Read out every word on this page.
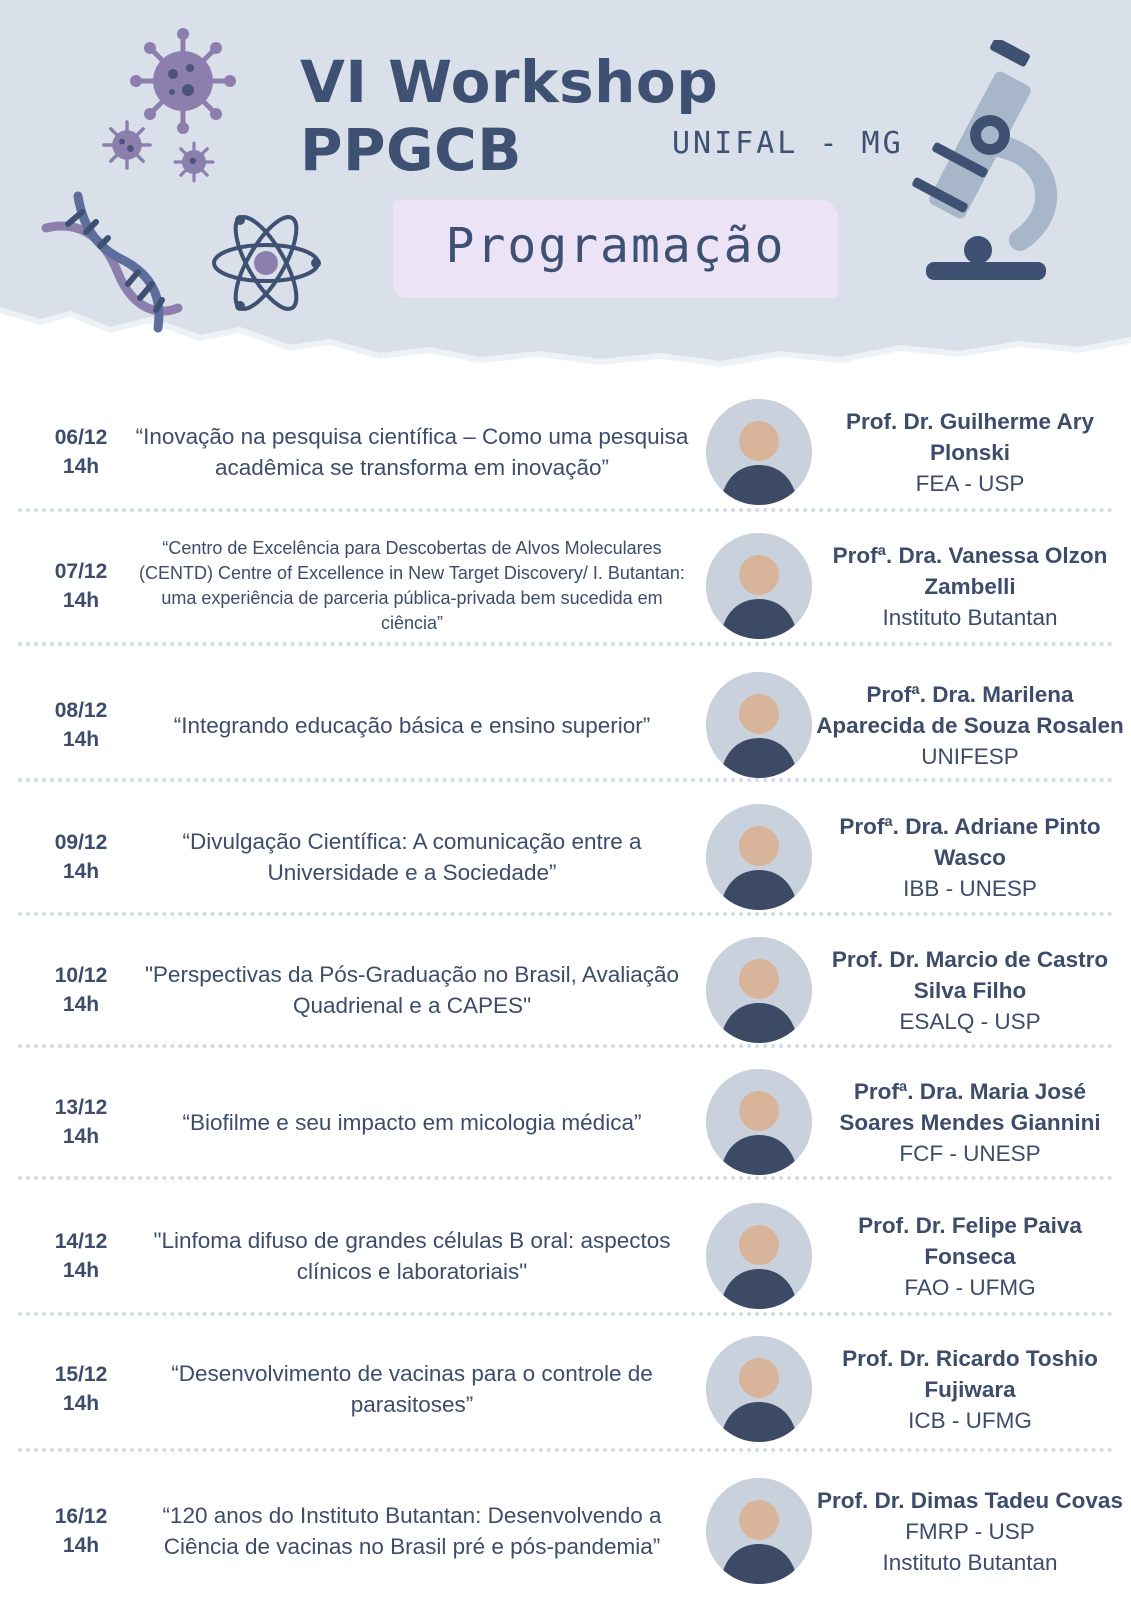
VI Workshop PPGCB	UNIFAL - MG
Programação
06/12
14h
“Inovação na pesquisa científica – Como uma pesquisa acadêmica se transforma em inovação”
Prof. Dr. Guilherme Ary Plonski
FEA - USP
07/12
14h
“Centro de Excelência para Descobertas de Alvos Moleculares (CENTD) Centre of Excellence in New Target Discovery/ I. Butantan: uma experiência de parceria pública-privada bem sucedida em ciência”
Profª. Dra. Vanessa Olzon Zambelli
Instituto Butantan
08/12
14h
“Integrando educação básica e ensino superior”
Profª. Dra. Marilena Aparecida de Souza Rosalen
UNIFESP
09/12
14h
“Divulgação Científica: A comunicação entre a Universidade e a Sociedade”
Profª. Dra. Adriane Pinto Wasco
IBB - UNESP
10/12
14h
"Perspectivas da Pós-Graduação no Brasil, Avaliação Quadrienal e a CAPES"
Prof. Dr. Marcio de Castro Silva Filho
ESALQ - USP
13/12
14h
“Biofilme e seu impacto em micologia médica”
Profª. Dra. Maria José Soares Mendes Giannini
FCF - UNESP
14/12
14h
"Linfoma difuso de grandes células B oral: aspectos clínicos e laboratoriais"
Prof. Dr. Felipe Paiva Fonseca
FAO - UFMG
15/12
14h
“Desenvolvimento de vacinas para o controle de parasitoses”
Prof. Dr. Ricardo Toshio Fujiwara
ICB - UFMG
16/12
14h
“120 anos do Instituto Butantan: Desenvolvendo a Ciência de vacinas no Brasil pré e pós-pandemia”
Prof. Dr. Dimas Tadeu Covas
FMRP - USP
Instituto Butantan
